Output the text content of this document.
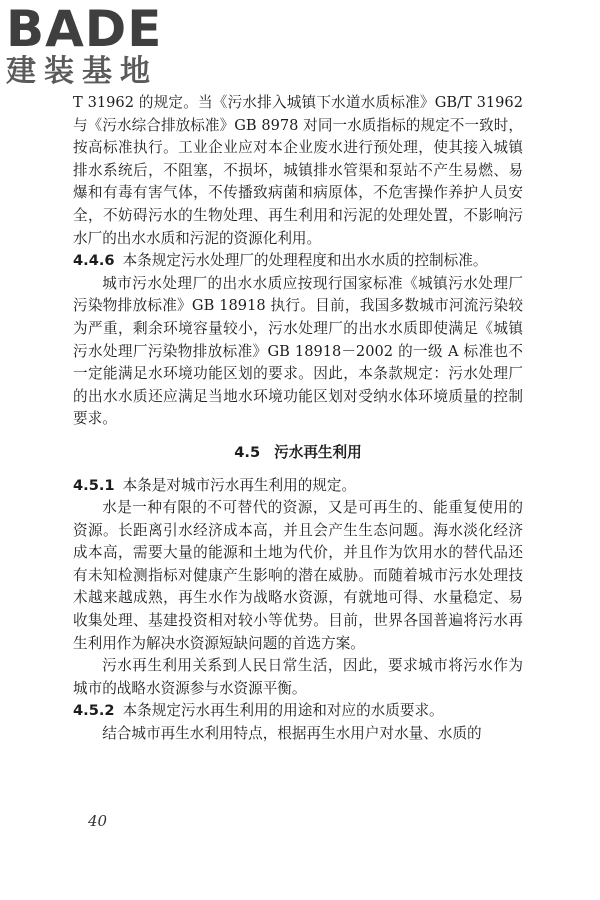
BADE
建装基地

T 31962 的规定。当《污水排入城镇下水道水质标准》GB/T 31962 与《污水综合排放标准》GB 8978 对同一水质指标的规定不一致时，按高标准执行。工业企业应对本企业废水进行预处理，使其接入城镇排水系统后，不阻塞，不损坏，城镇排水管渠和泵站不产生易燃、易爆和有毒有害气体，不传播致病菌和病原体，不危害操作养护人员安全，不妨碍污水的生物处理、再生利用和污泥的处理处置，不影响污水厂的出水水质和污泥的资源化利用。

4.4.6 本条规定污水处理厂的处理程度和出水水质的控制标准。

城市污水处理厂的出水水质应按现行国家标准《城镇污水处理厂污染物排放标准》GB 18918 执行。目前，我国多数城市河流污染较为严重，剩余环境容量较小，污水处理厂的出水水质即使满足《城镇污水处理厂污染物排放标准》GB 18918－2002 的一级 A 标准也不一定能满足水环境功能区划的要求。因此，本条款规定：污水处理厂的出水水质还应满足当地水环境功能区划对受纳水体环境质量的控制要求。

4.5 污水再生利用

4.5.1 本条是对城市污水再生利用的规定。

水是一种有限的不可替代的资源，又是可再生的、能重复使用的资源。长距离引水经济成本高，并且会产生生态问题。海水淡化经济成本高，需要大量的能源和土地为代价，并且作为饮用水的替代品还有未知检测指标对健康产生影响的潜在威胁。而随着城市污水处理技术越来越成熟，再生水作为战略水资源，有就地可得、水量稳定、易收集处理、基建投资相对较小等优势。目前，世界各国普遍将污水再生利用作为解决水资源短缺问题的首选方案。

污水再生利用关系到人民日常生活，因此，要求城市将污水作为城市的战略水资源参与水资源平衡。

4.5.2 本条规定污水再生利用的用途和对应的水质要求。

结合城市再生水利用特点，根据再生水用户对水量、水质的

40
